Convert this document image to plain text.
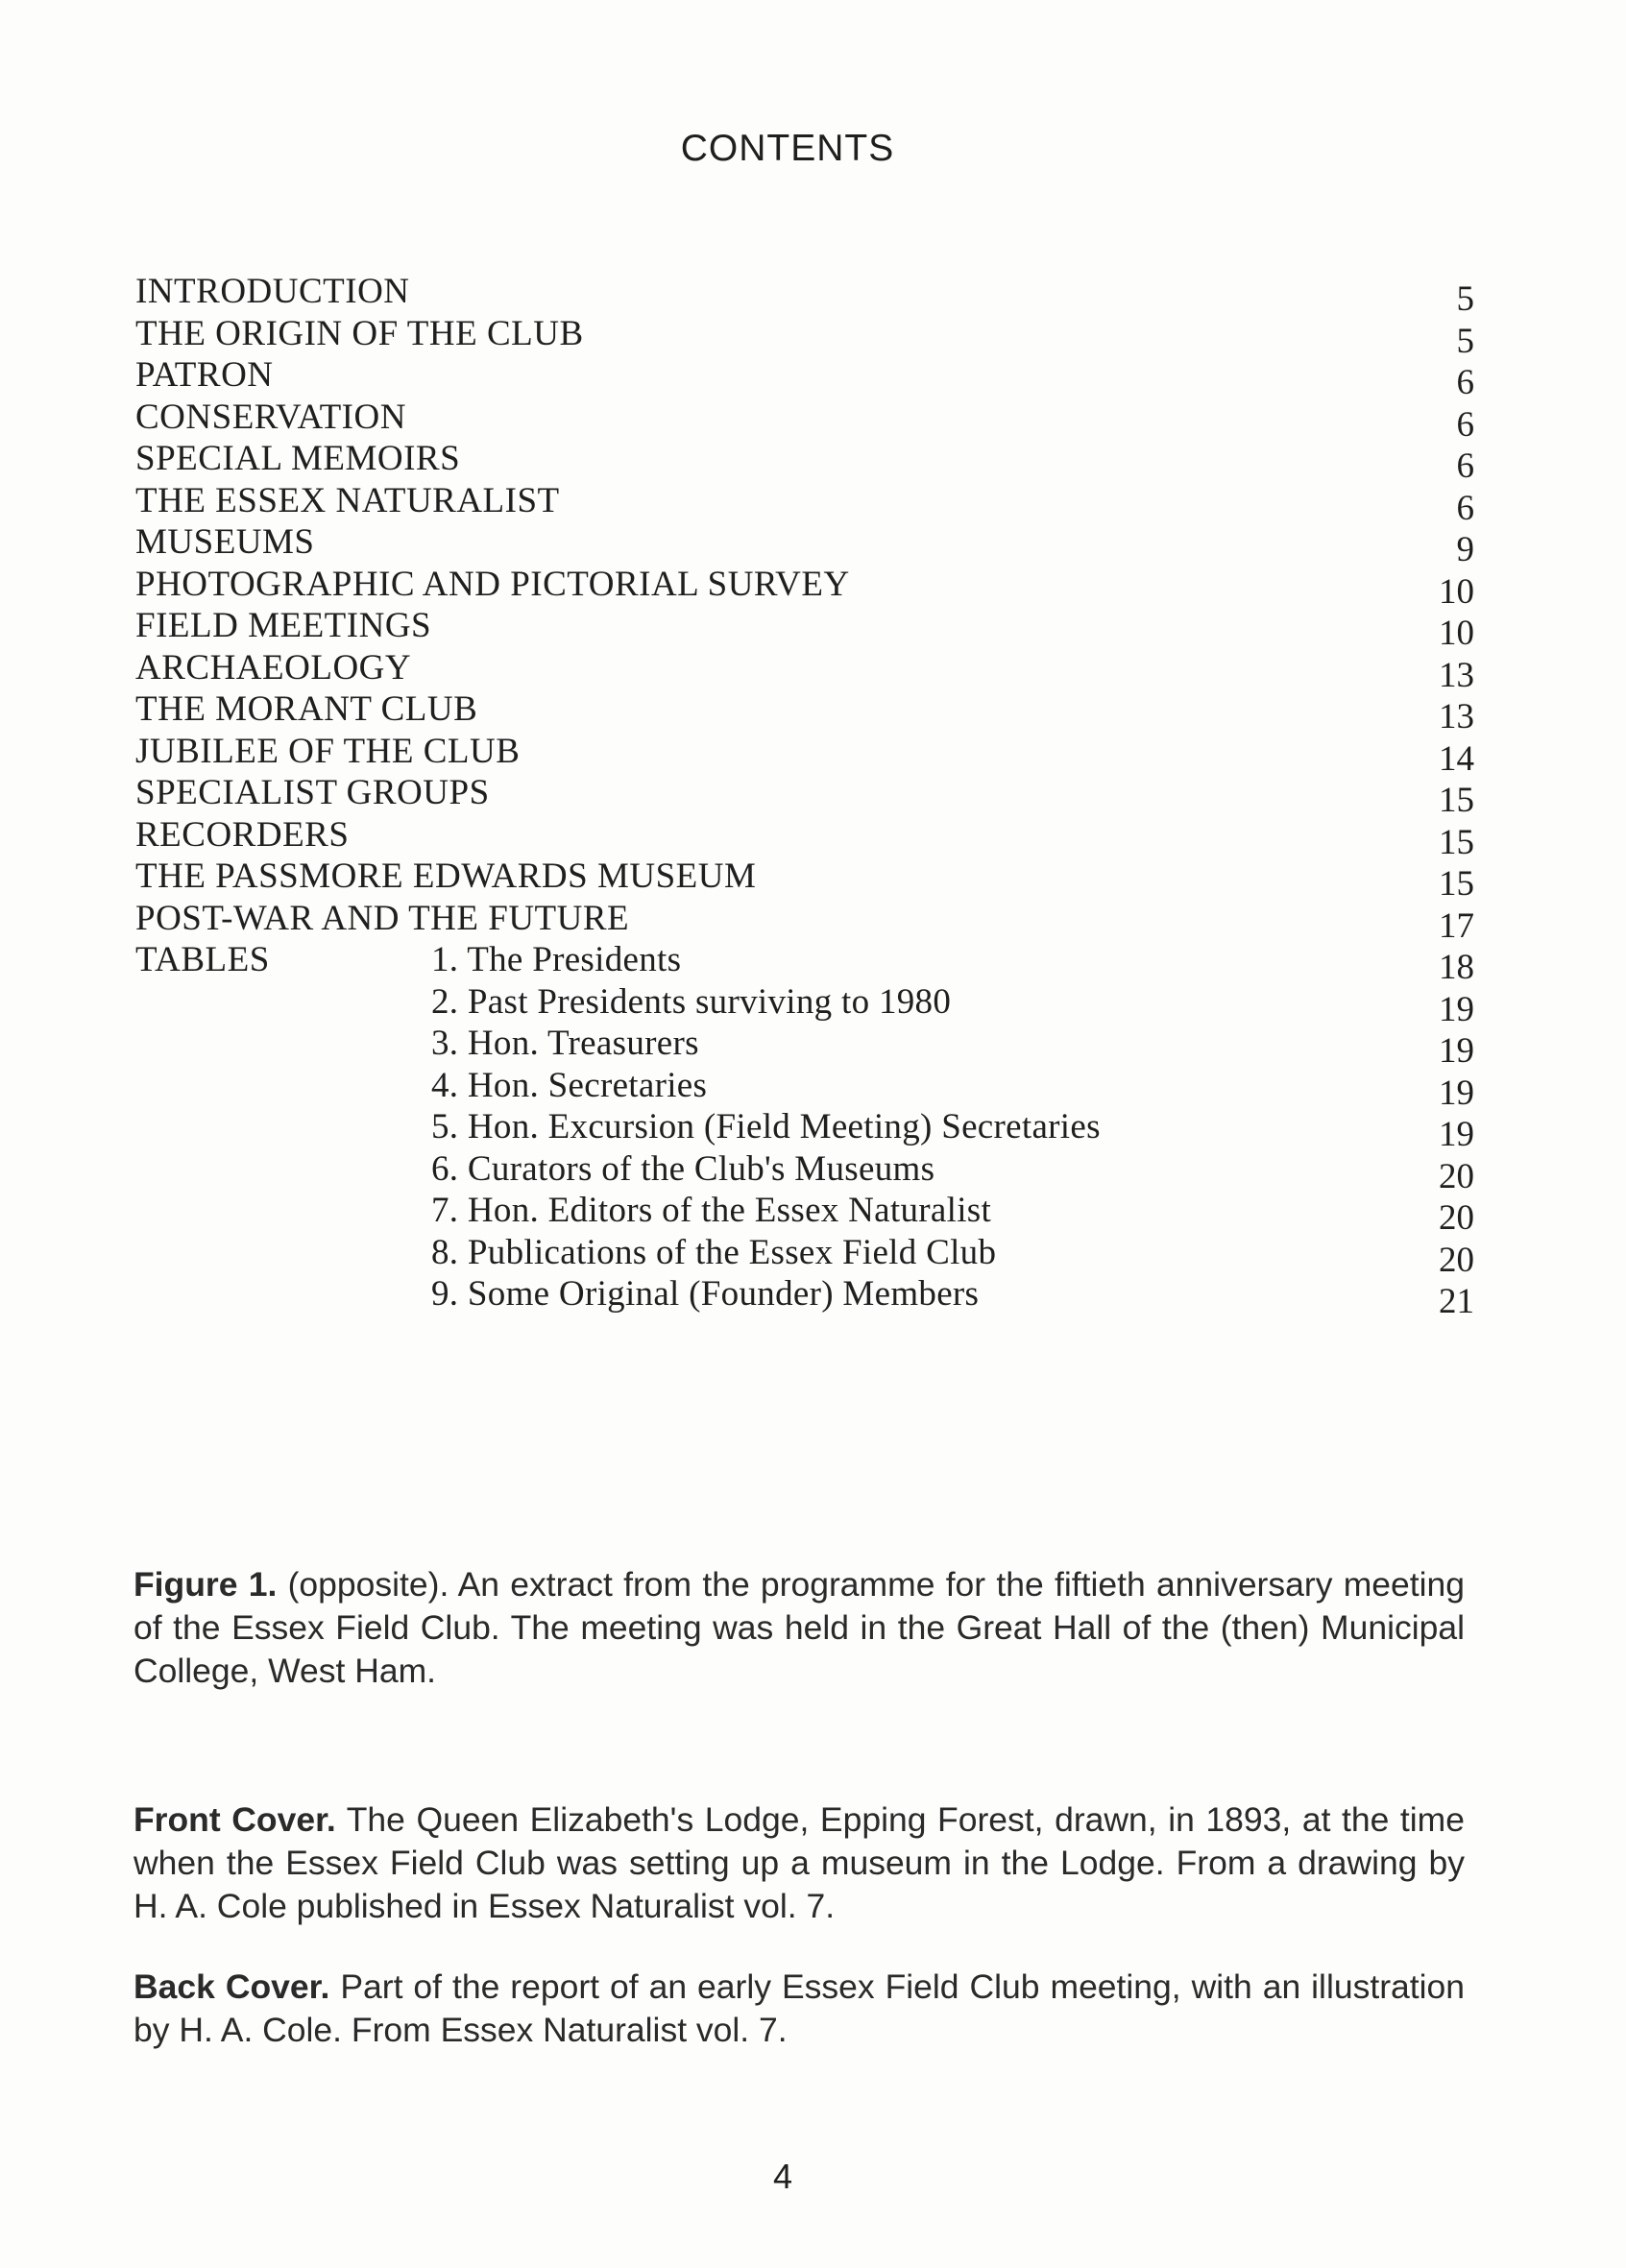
CONTENTS
INTRODUCTION	5
THE ORIGIN OF THE CLUB	5
PATRON	6
CONSERVATION	6
SPECIAL MEMOIRS	6
THE ESSEX NATURALIST	6
MUSEUMS	9
PHOTOGRAPHIC AND PICTORIAL SURVEY	10
FIELD MEETINGS	10
ARCHAEOLOGY	13
THE MORANT CLUB	13
JUBILEE OF THE CLUB	14
SPECIALIST GROUPS	15
RECORDERS	15
THE PASSMORE EDWARDS MUSEUM	15
POST-WAR AND THE FUTURE	17
TABLES	1. The Presidents	18
2. Past Presidents surviving to 1980	19
3. Hon. Treasurers	19
4. Hon. Secretaries	19
5. Hon. Excursion (Field Meeting) Secretaries	19
6. Curators of the Club's Museums	20
7. Hon. Editors of the Essex Naturalist	20
8. Publications of the Essex Field Club	20
9. Some Original (Founder) Members	21
Figure 1. (opposite). An extract from the programme for the fiftieth anniversary meeting of the Essex Field Club. The meeting was held in the Great Hall of the (then) Municipal College, West Ham.
Front Cover. The Queen Elizabeth's Lodge, Epping Forest, drawn, in 1893, at the time when the Essex Field Club was setting up a museum in the Lodge. From a drawing by H. A. Cole published in Essex Naturalist vol. 7.
Back Cover. Part of the report of an early Essex Field Club meeting, with an illustration by H. A. Cole. From Essex Naturalist vol. 7.
4
